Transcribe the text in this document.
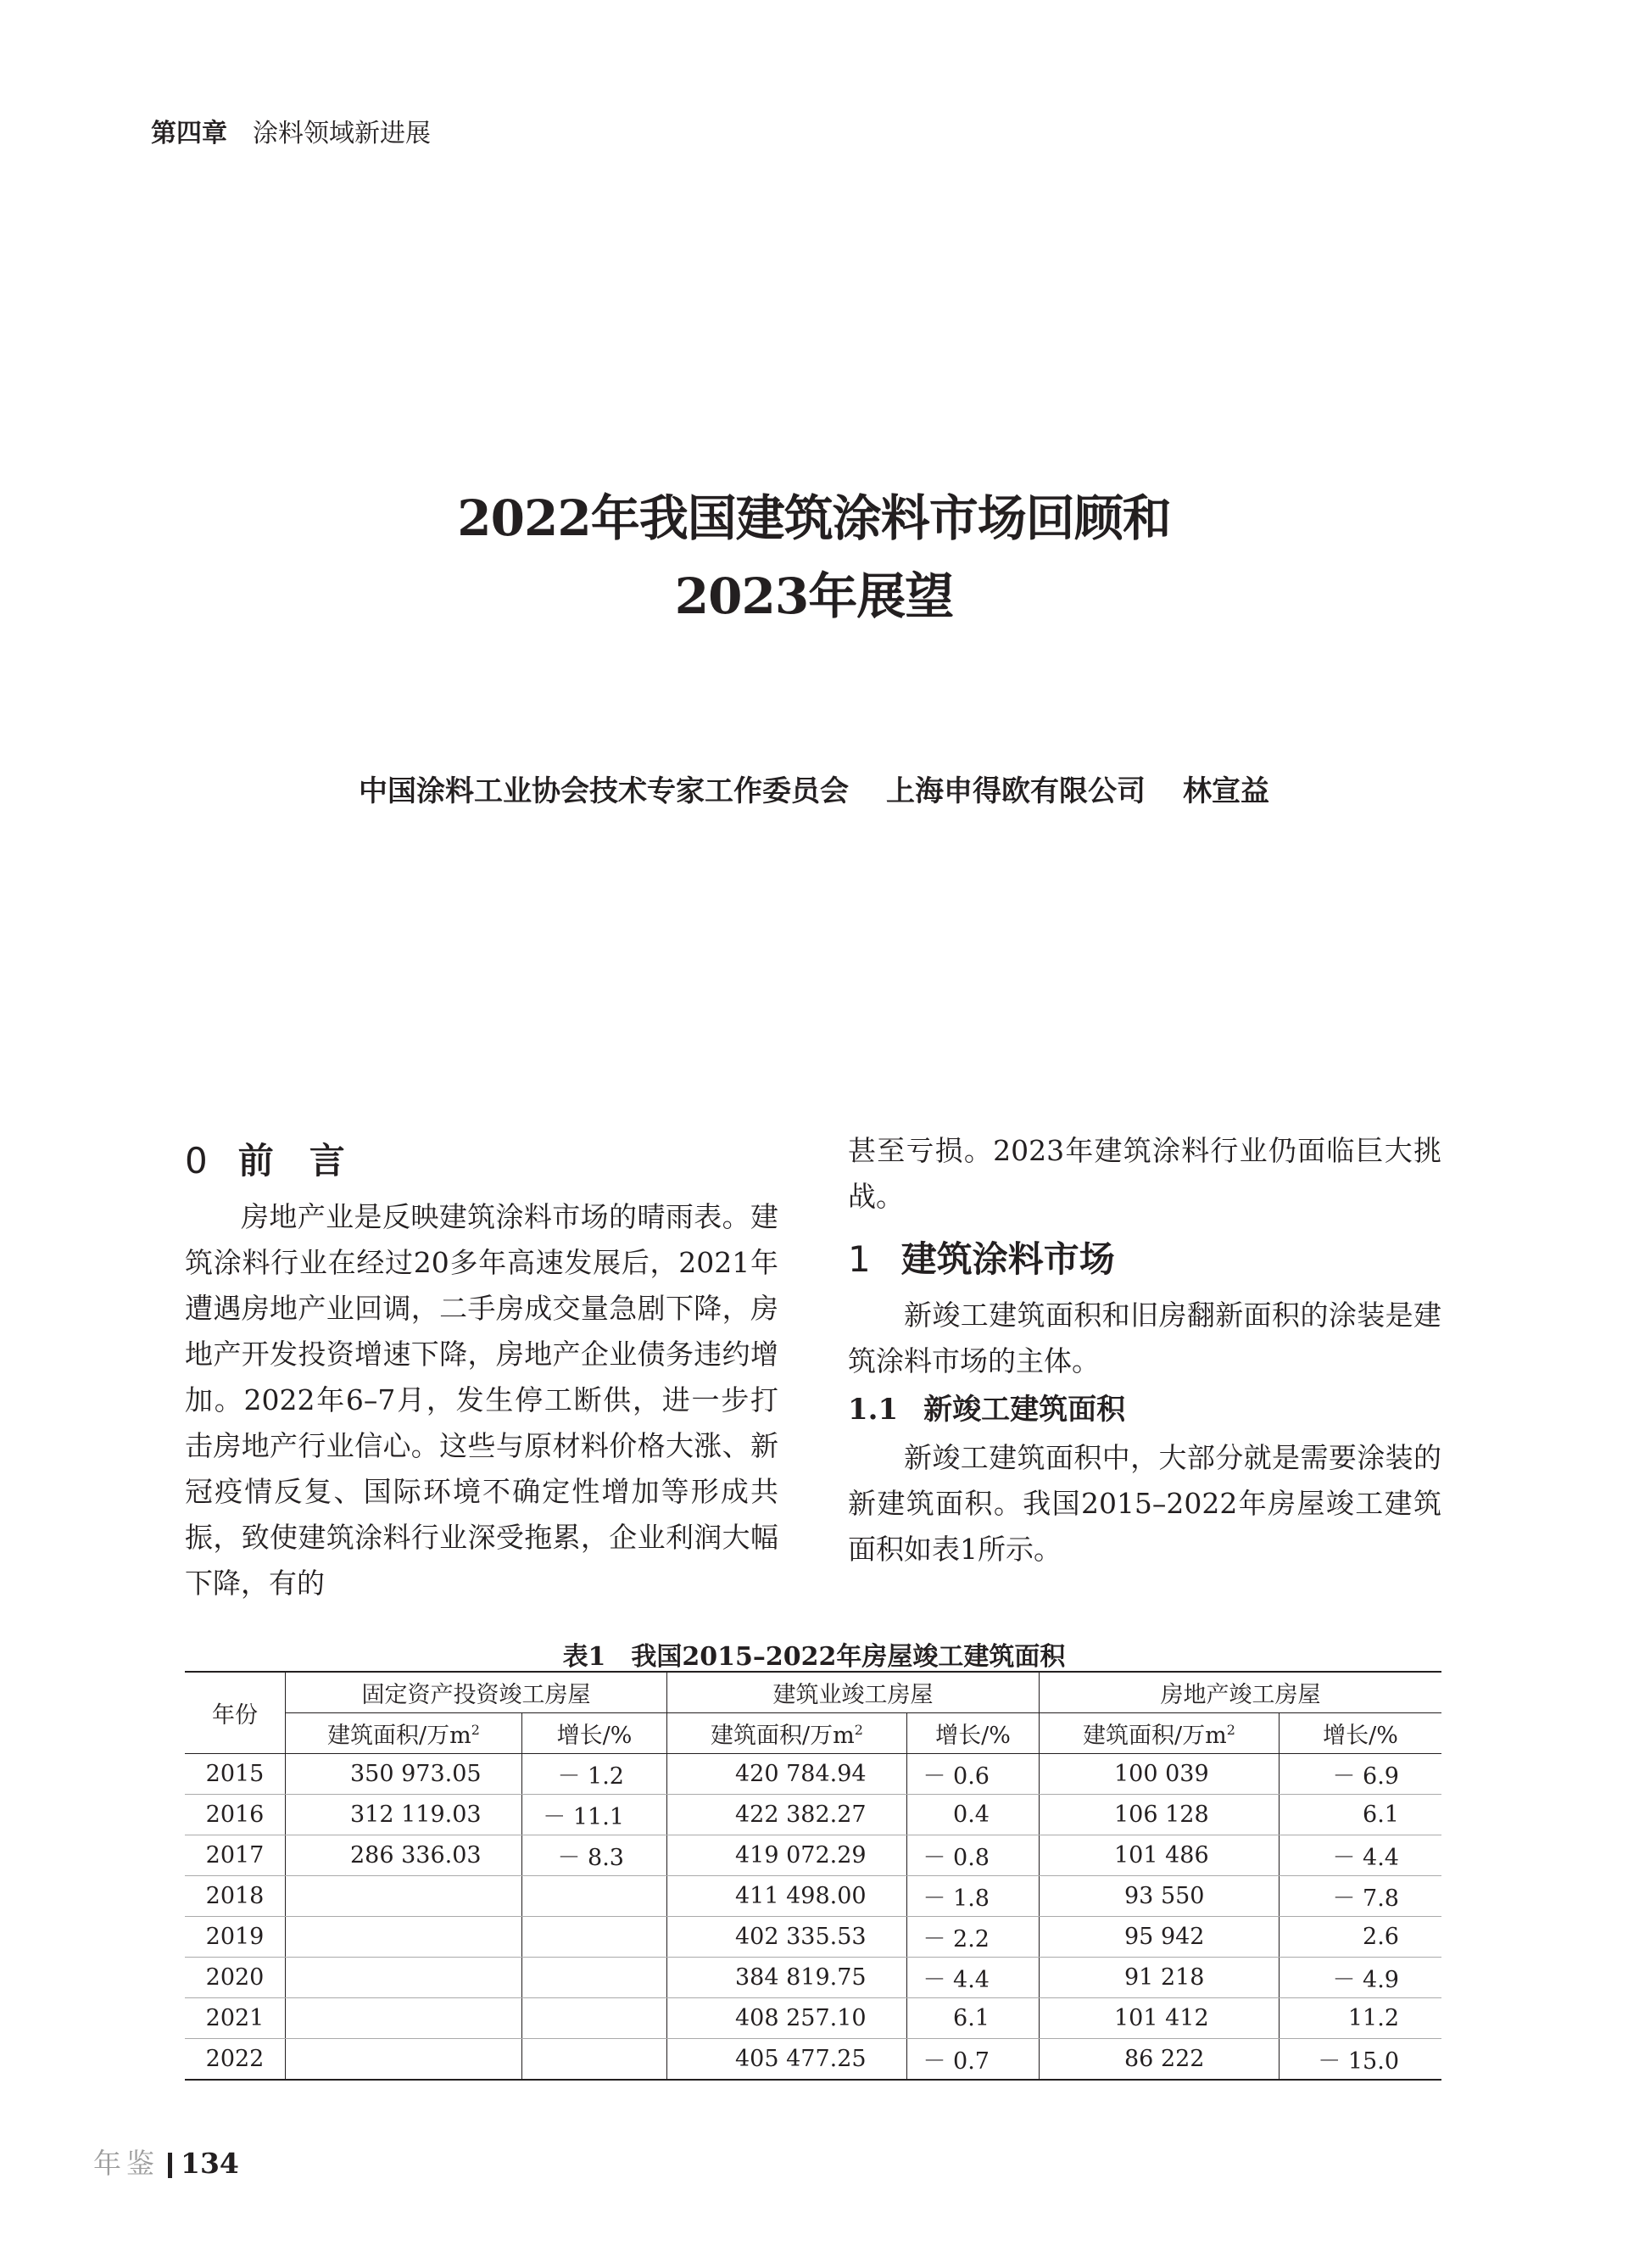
第四章 涂料领域新进展
2022年我国建筑涂料市场回顾和
2023年展望
中国涂料工业协会技术专家工作委员会 上海申得欧有限公司 林宣益
0 前　言

房地产业是反映建筑涂料市场的晴雨表。建筑涂料行业在经过20多年高速发展后，2021年遭遇房地产业回调，二手房成交量急剧下降，房地产开发投资增速下降，房地产企业债务违约增加。2022年6–7月，发生停工断供，进一步打击房地产行业信心。这些与原材料价格大涨、新冠疫情反复、国际环境不确定性增加等形成共振，致使建筑涂料行业深受拖累，企业利润大幅下降，有的

甚至亏损。2023年建筑涂料行业仍面临巨大挑战。

1 建筑涂料市场

新竣工建筑面积和旧房翻新面积的涂装是建筑涂料市场的主体。

1.1 新竣工建筑面积

新竣工建筑面积中，大部分就是需要涂装的新建筑面积。我国2015–2022年房屋竣工建筑面积如表1所示。

表1　我国2015–2022年房屋竣工建筑面积
年份	固定资产投资竣工房屋		建筑业竣工房屋		房地产竣工房屋	
	建筑面积/万$m^2$	增长/%	建筑面积/万$m^2$	增长/%	建筑面积/万$m^2$	增长/%
2015	350 973.05	－ 1.2	420 784.94	－ 0.6	100 039	－ 6.9
2016	312 119.03	－ 11.1	422 382.27	0.4	106 128	6.1
2017	286 336.03	－ 8.3	419 072.29	－ 0.8	101 486	－ 4.4
2018			411 498.00	－ 1.8	93 550	－ 7.8
2019			402 335.53	－ 2.2	95 942	2.6
2020			384 819.75	－ 4.4	91 218	－ 4.9
2021			408 257.10	6.1	101 412	11.2
2022			405 477.25	－ 0.7	86 222	－ 15.0
年鉴 134
